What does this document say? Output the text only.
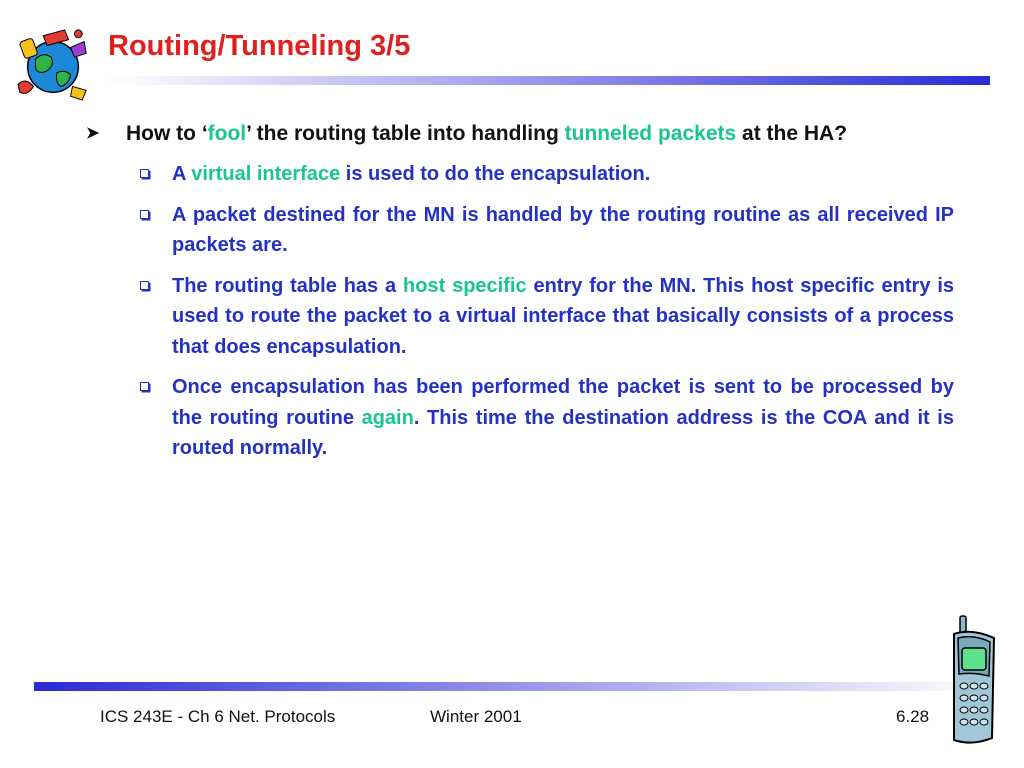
Routing/Tunneling 3/5
➤ How to ‘fool’ the routing table into handling tunneled packets at the HA?
A virtual interface is used to do the encapsulation.
A packet destined for the MN is handled by the routing routine as all received IP packets are.
The routing table has a host specific entry for the MN. This host specific entry is used to route the packet to a virtual interface that basically consists of a process that does encapsulation.
Once encapsulation has been performed the packet is sent to be processed by the routing routine again. This time the destination address is the COA and it is routed normally.
ICS 243E - Ch 6 Net. Protocols	Winter 2001	6.28
